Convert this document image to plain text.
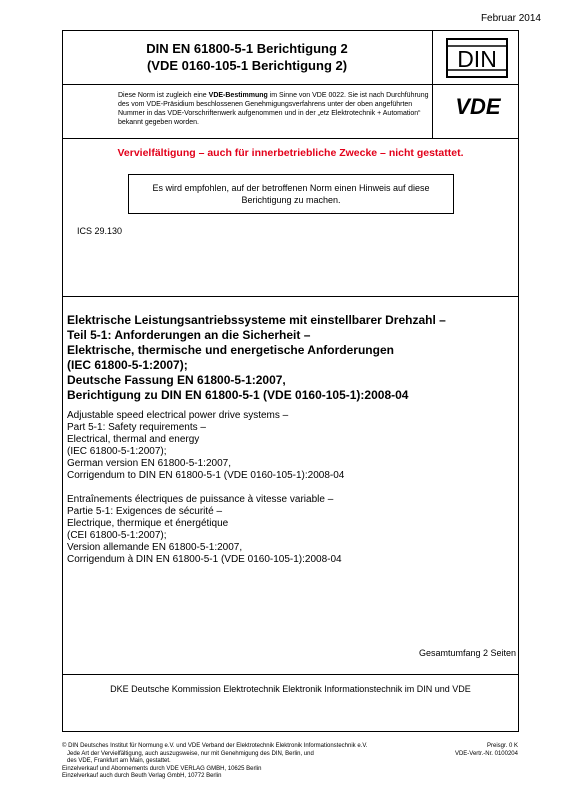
Februar 2014
DIN EN 61800-5-1 Berichtigung 2
(VDE 0160-105-1 Berichtigung 2)	DIN
Diese Norm ist zugleich eine VDE-Bestimmung im Sinne von VDE 0022. Sie ist nach Durchführung des vom VDE-Präsidium beschlossenen Genehmigungsverfahrens unter der oben angeführten Nummer in das VDE-Vorschriftenwerk aufgenommen und in der „etz Elektrotechnik + Automation“ bekannt gegeben worden.
VDE
Vervielfältigung – auch für innerbetriebliche Zwecke – nicht gestattet.
Es wird empfohlen, auf der betroffenen Norm einen Hinweis auf diese Berichtigung zu machen.
ICS 29.130
Elektrische Leistungsantriebssysteme mit einstellbarer Drehzahl –
Teil 5-1: Anforderungen an die Sicherheit –
Elektrische, thermische und energetische Anforderungen
(IEC 61800-5-1:2007);
Deutsche Fassung EN 61800-5-1:2007,
Berichtigung zu DIN EN 61800-5-1 (VDE 0160-105-1):2008-04
Adjustable speed electrical power drive systems –
Part 5-1: Safety requirements –
Electrical, thermal and energy
(IEC 61800-5-1:2007);
German version EN 61800-5-1:2007,
Corrigendum to DIN EN 61800-5-1 (VDE 0160-105-1):2008-04
Entraînements électriques de puissance à vitesse variable –
Partie 5-1: Exigences de sécurité –
Electrique, thermique et énergétique
(CEI 61800-5-1:2007);
Version allemande EN 61800-5-1:2007,
Corrigendum à DIN EN 61800-5-1 (VDE 0160-105-1):2008-04
Gesamtumfang 2 Seiten
DKE Deutsche Kommission Elektrotechnik Elektronik Informationstechnik im DIN und VDE
© DIN Deutsches Institut für Normung e.V. und VDE Verband der Elektrotechnik Elektronik Informationstechnik e.V.
Jede Art der Vervielfältigung, auch auszugsweise, nur mit Genehmigung des DIN, Berlin, und
des VDE, Frankfurt am Main, gestattet.
Einzelverkauf und Abonnements durch VDE VERLAG GMBH, 10625 Berlin
Einzelverkauf auch durch Beuth Verlag GmbH, 10772 Berlin
Preisgr. 0 K
VDE-Vertr.-Nr. 0100204
